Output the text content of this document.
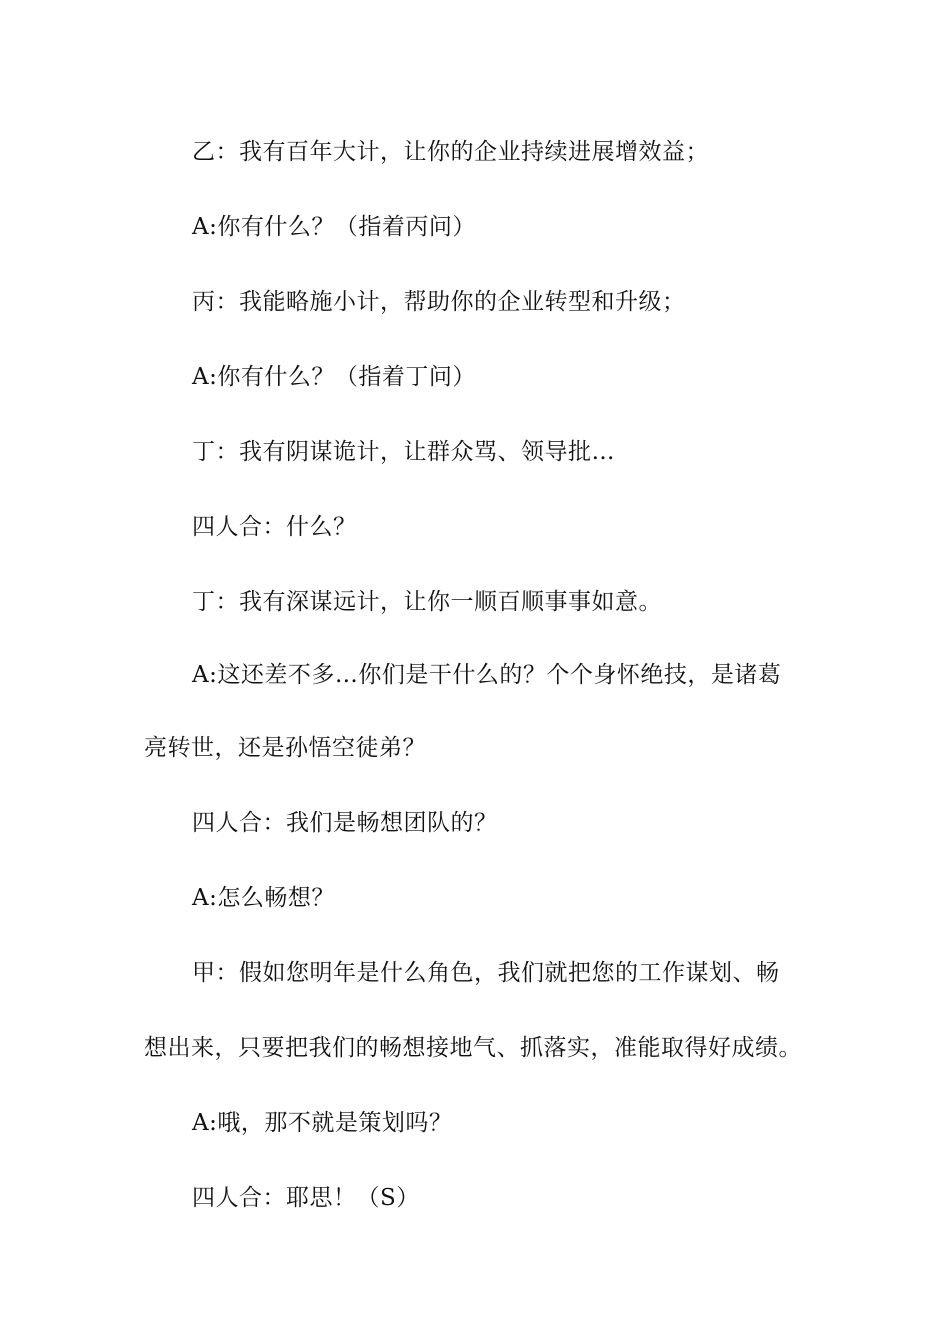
乙：我有百年大计，让你的企业持续进展增效益；
A:你有什么？（指着丙问）
丙：我能略施小计，帮助你的企业转型和升级；
A:你有什么？（指着丁问）
丁：我有阴谋诡计，让群众骂、领导批…
四人合：什么？
丁：我有深谋远计，让你一顺百顺事事如意。
A:这还差不多…你们是干什么的？个个身怀绝技，是诸葛
亮转世，还是孙悟空徒弟？
四人合：我们是畅想团队的？
A:怎么畅想？
甲：假如您明年是什么角色，我们就把您的工作谋划、畅
想出来，只要把我们的畅想接地气、抓落实，准能取得好成绩。
A:哦，那不就是策划吗？
四人合：耶思！（S）
